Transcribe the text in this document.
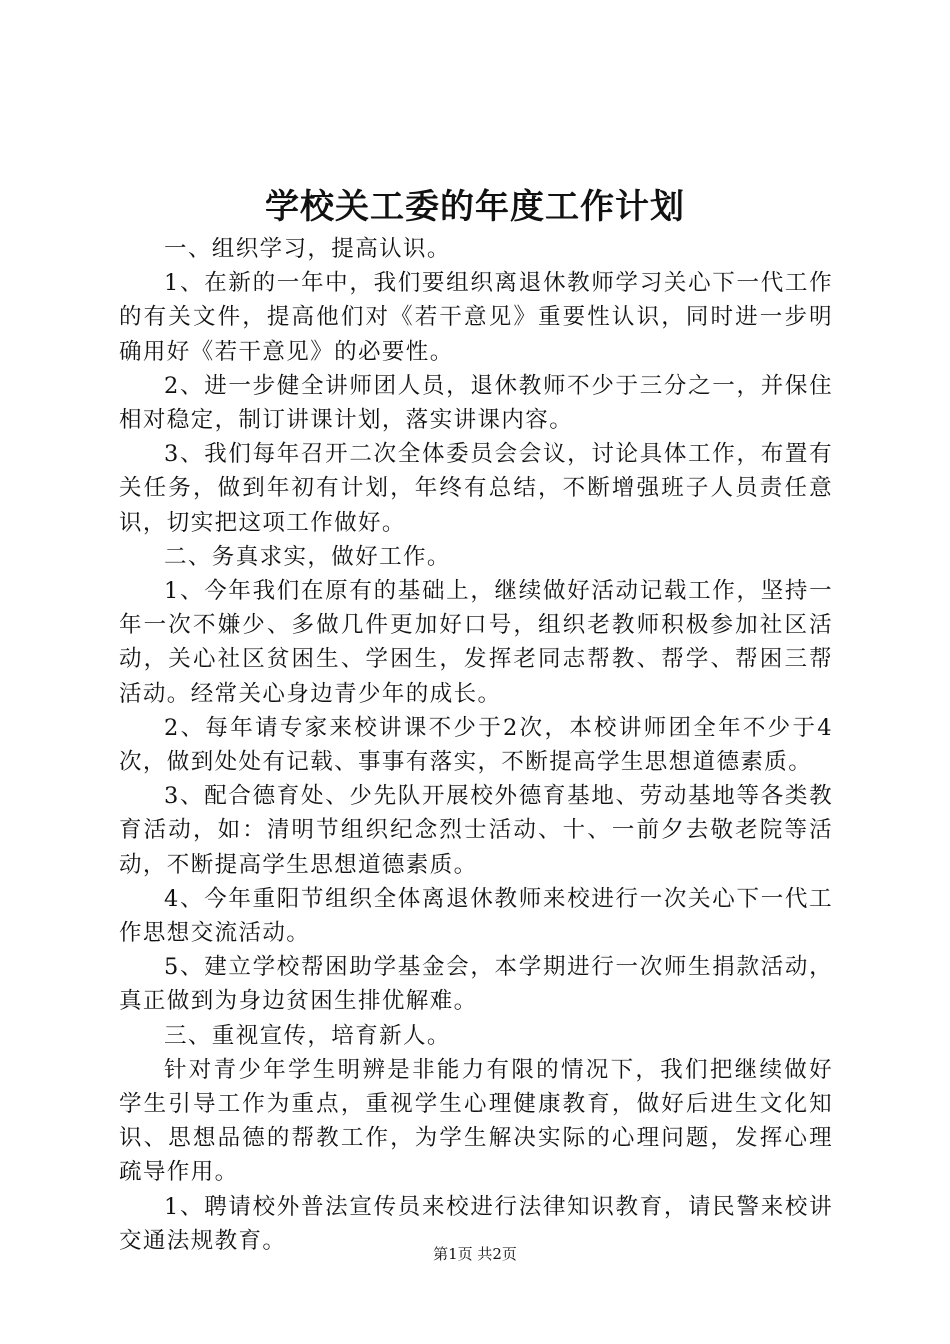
学校关工委的年度工作计划

一、组织学习，提高认识。

1、在新的一年中，我们要组织离退休教师学习关心下一代工作的有关文件，提高他们对《若干意见》重要性认识，同时进一步明确用好《若干意见》的必要性。

2、进一步健全讲师团人员，退休教师不少于三分之一，并保住相对稳定，制订讲课计划，落实讲课内容。

3、我们每年召开二次全体委员会会议，讨论具体工作，布置有关任务，做到年初有计划，年终有总结，不断增强班子人员责任意识，切实把这项工作做好。

二、务真求实，做好工作。

1、今年我们在原有的基础上，继续做好活动记载工作，坚持一年一次不嫌少、多做几件更加好口号，组织老教师积极参加社区活动，关心社区贫困生、学困生，发挥老同志帮教、帮学、帮困三帮活动。经常关心身边青少年的成长。

2、每年请专家来校讲课不少于2次，本校讲师团全年不少于4次，做到处处有记载、事事有落实，不断提高学生思想道德素质。

3、配合德育处、少先队开展校外德育基地、劳动基地等各类教育活动，如：清明节组织纪念烈士活动、十、一前夕去敬老院等活动，不断提高学生思想道德素质。

4、今年重阳节组织全体离退休教师来校进行一次关心下一代工作思想交流活动。

5、建立学校帮困助学基金会，本学期进行一次师生捐款活动，真正做到为身边贫困生排优解难。

三、重视宣传，培育新人。

针对青少年学生明辨是非能力有限的情况下，我们把继续做好学生引导工作为重点，重视学生心理健康教育，做好后进生文化知识、思想品德的帮教工作，为学生解决实际的心理问题，发挥心理疏导作用。

1、聘请校外普法宣传员来校进行法律知识教育，请民警来校讲交通法规教育。

第1页 共2页
